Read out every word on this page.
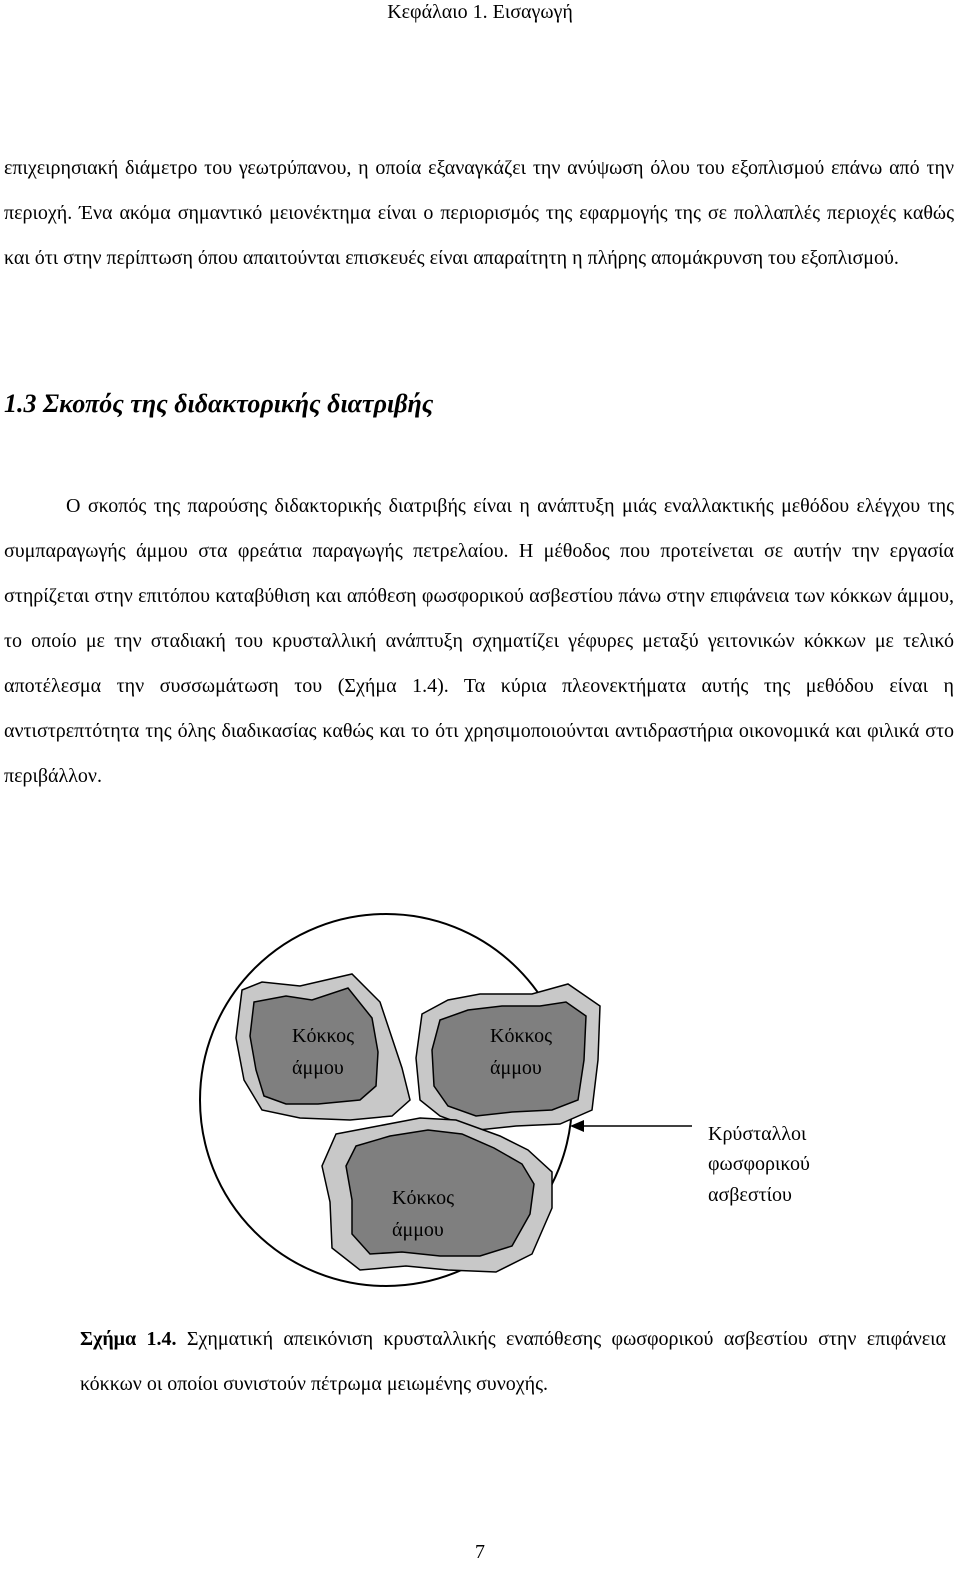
Κεφάλαιο 1. Εισαγωγή

επιχειρησιακή διάμετρο του γεωτρύπανου, η οποία εξαναγκάζει την ανύψωση όλου του εξοπλισμού επάνω από την περιοχή. Ένα ακόμα σημαντικό μειονέκτημα είναι ο περιορισμός της εφαρμογής της σε πολλαπλές περιοχές καθώς και ότι στην περίπτωση όπου απαιτούνται επισκευές είναι απαραίτητη η πλήρης απομάκρυνση του εξοπλισμού.

1.3 Σκοπός της διδακτορικής διατριβής

Ο σκοπός της παρούσης διδακτορικής διατριβής είναι η ανάπτυξη μιάς εναλλακτικής μεθόδου ελέγχου της συμπαραγωγής άμμου στα φρεάτια παραγωγής πετρελαίου. Η μέθοδος που προτείνεται σε αυτήν την εργασία στηρίζεται στην επιτόπου καταβύθιση και απόθεση φωσφορικού ασβεστίου πάνω στην επιφάνεια των κόκκων άμμου, το οποίο με την σταδιακή του κρυσταλλική ανάπτυξη σχηματίζει γέφυρες μεταξύ γειτονικών κόκκων με τελικό αποτέλεσμα την συσσωμάτωση του (Σχήμα 1.4). Τα κύρια πλεονεκτήματα αυτής της μεθόδου είναι η αντιστρεπτότητα της όλης διαδικασίας καθώς και το ότι χρησιμοποιούνται αντιδραστήρια οικονομικά και φιλικά στο περιβάλλον.

Κόκκος
άμμου
Κόκκος
άμμου
Κόκκος
άμμου
Κρύσταλλοι
φωσφορικού
ασβεστίου

Σχήμα 1.4. Σχηματική απεικόνιση κρυσταλλικής εναπόθεσης φωσφορικού ασβεστίου στην επιφάνεια κόκκων οι οποίοι συνιστούν πέτρωμα μειωμένης συνοχής.

7
